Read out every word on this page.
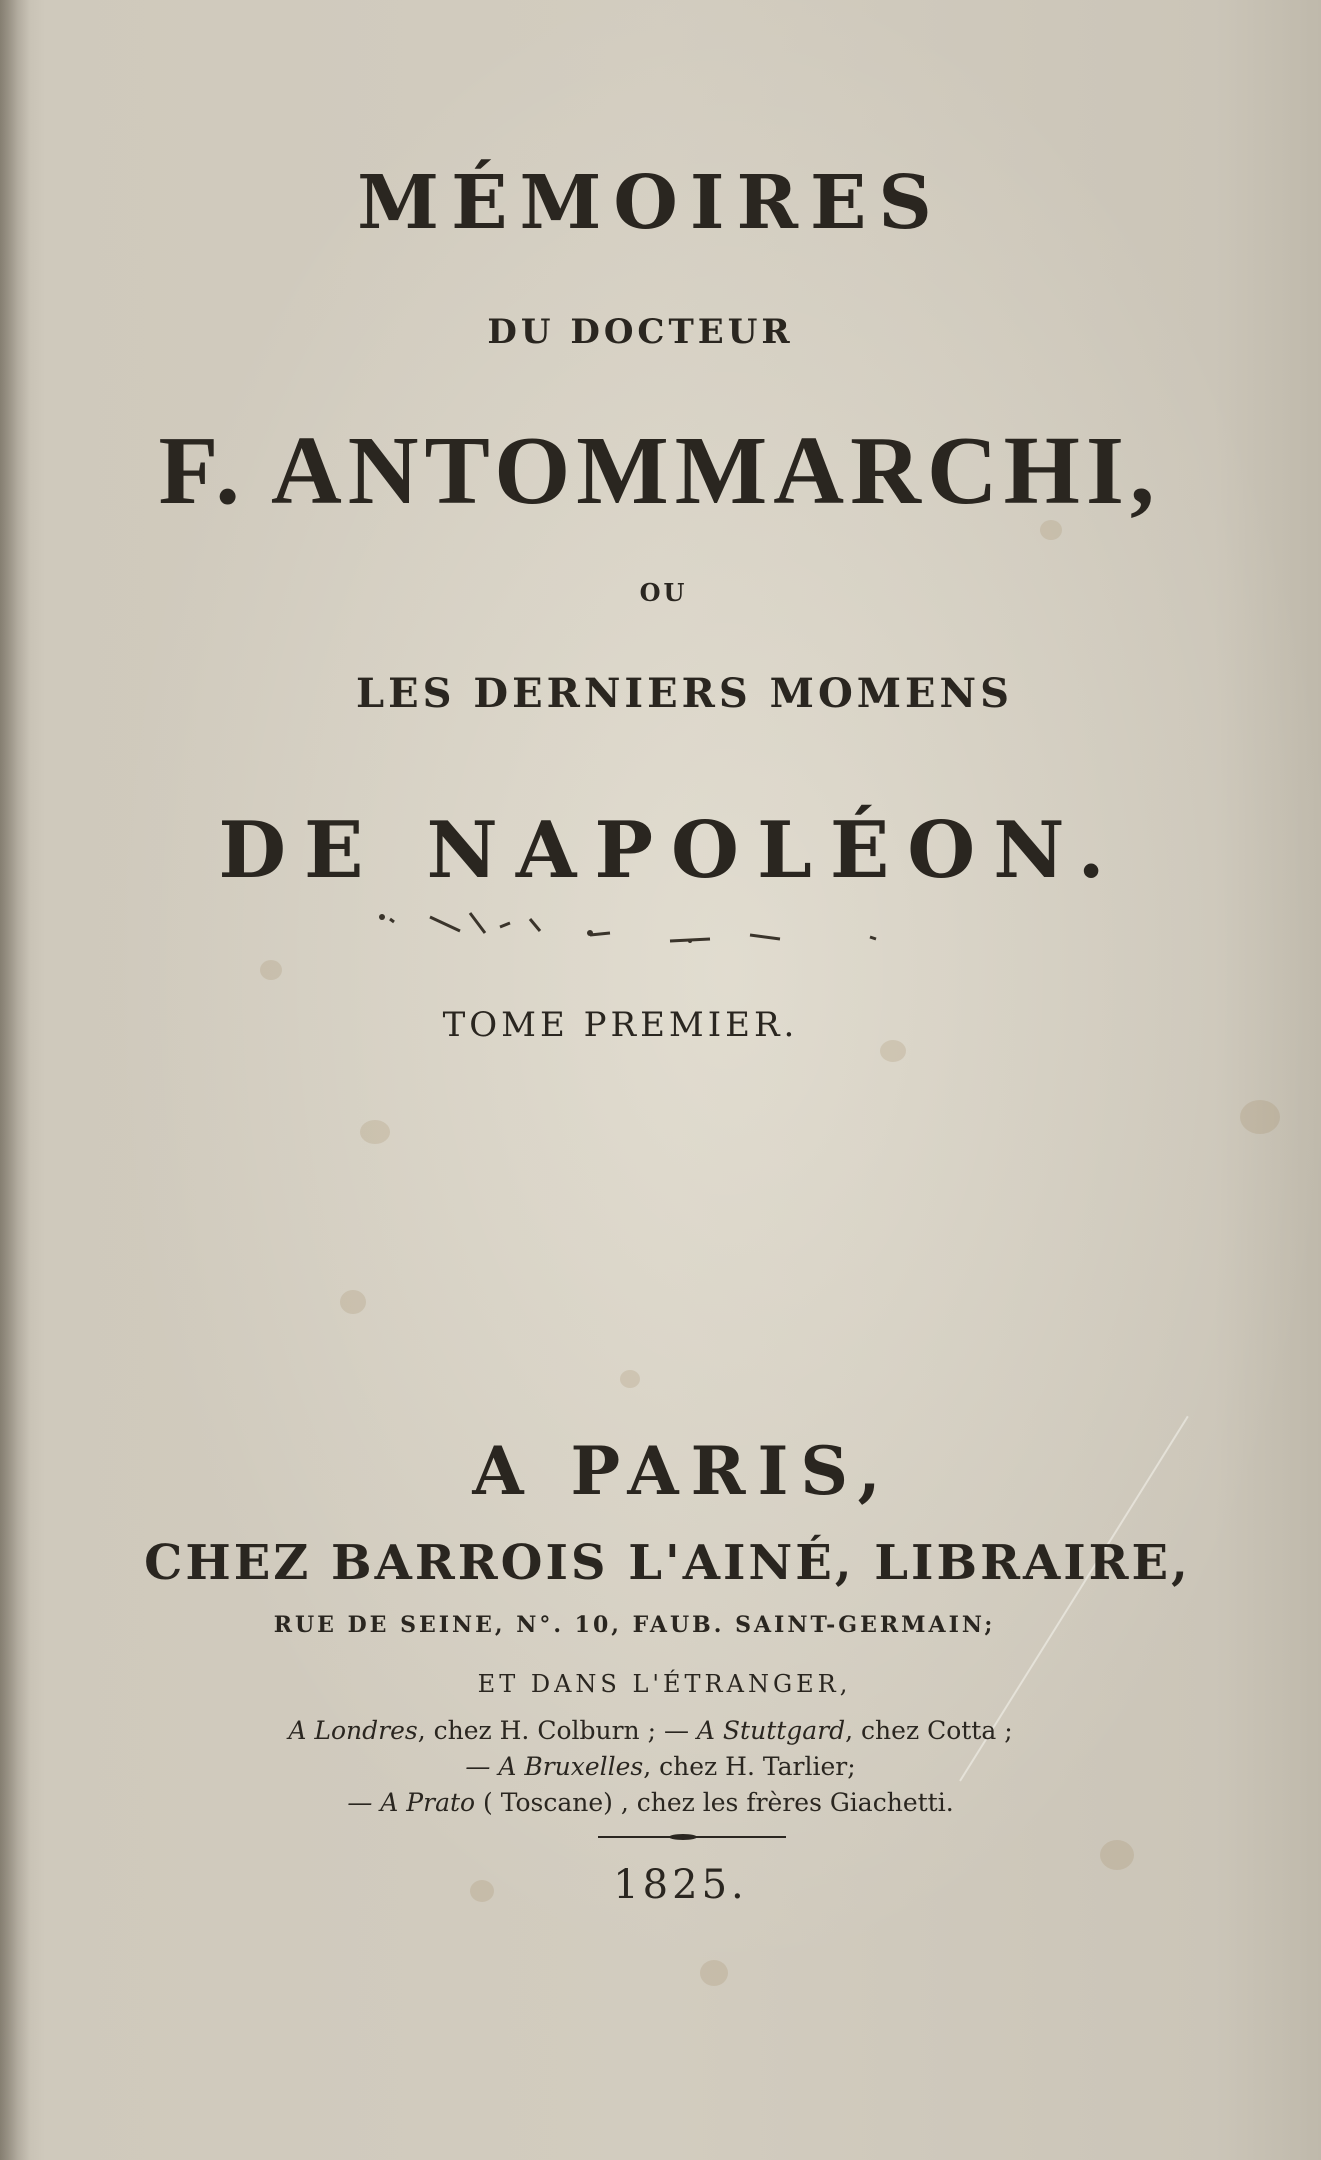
MÉMOIRES
DU DOCTEUR
F. ANTOMMARCHI,
OU
LES DERNIERS MOMENS
DE NAPOLÉON.
TOME PREMIER.
A PARIS,
CHEZ BARROIS L'AINÉ, LIBRAIRE,
RUE DE SEINE, N°. 10, FAUB. SAINT-GERMAIN;
ET DANS L'ÉTRANGER,
A Londres, chez H. Colburn ; — A Stuttgard, chez Cotta ;
— A Bruxelles, chez H. Tarlier;
— A Prato ( Toscane) , chez les frères Giachetti.
1825.
